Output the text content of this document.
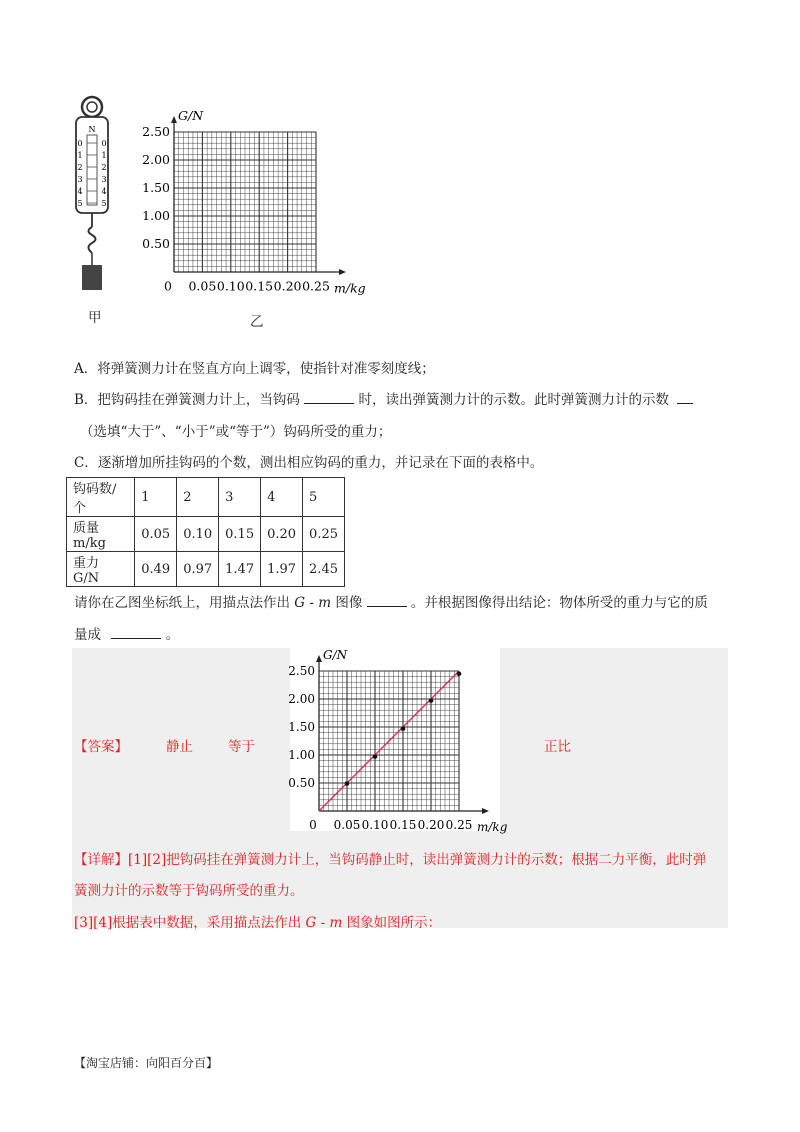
N
0
1
2
3
4
5
0
1
2
3
4
5
甲
2.50
2.00
1.50
1.00
0.50
0 0.05 0.10 0.15 0.20 0.25
G/N
m/kg
乙
A．将弹簧测力计在竖直方向上调零，使指针对准零刻度线；
B．把钩码挂在弹簧测力计上，当钩码	时，读出弹簧测力计的示数。此时弹簧测力计的示数
（选填“大于”、“小于”或“等于”）钩码所受的重力；
C．逐渐增加所挂钩码的个数，测出相应钩码的重力，并记录在下面的表格中。
钩码数/个	1	2	3	4	5
质量 m/kg	0.05	0.10	0.15	0.20	0.25
重力 G/N	0.49	0.97	1.47	1.97	2.45
请你在乙图坐标纸上，用描点法作出 G - m 图像	。并根据图像得出结论：物体所受的重力与它的质
量成	。
【答案】	静止	等于	正比
2.50
2.00
1.50
1.00
0.50
0 0.05 0.10 0.15 0.20 0.25
G/N
m/kg
【详解】[1][2]把钩码挂在弹簧测力计上，当钩码静止时，读出弹簧测力计的示数；根据二力平衡，此时弹
簧测力计的示数等于钩码所受的重力。
[3][4]根据表中数据，采用描点法作出 G - m 图象如图所示：
【淘宝店铺：向阳百分百】
